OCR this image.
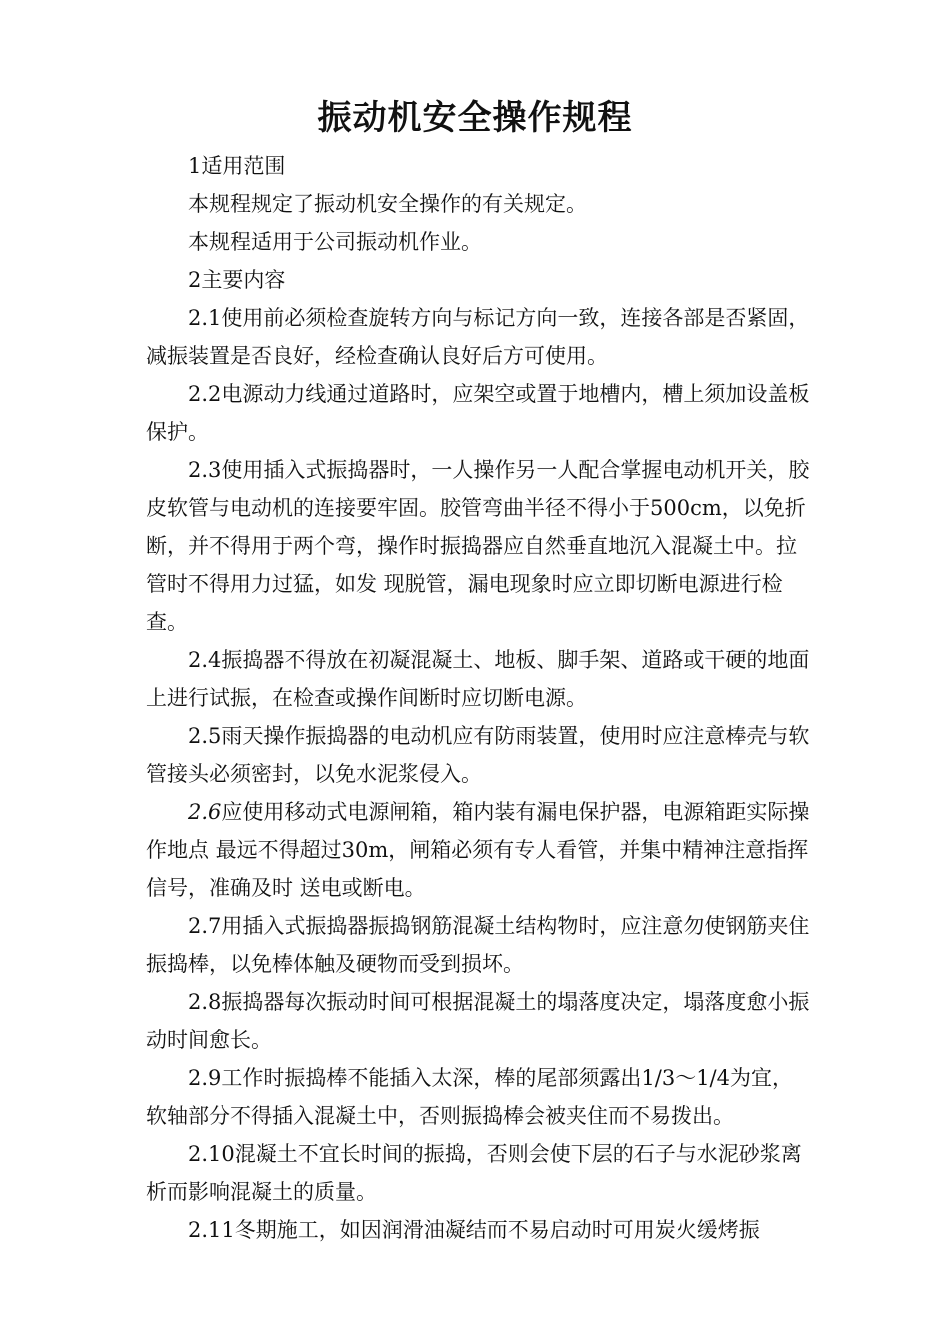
振动机安全操作规程

1适用范围

本规程规定了振动机安全操作的有关规定。

本规程适用于公司振动机作业。

2主要内容

2.1使用前必须检查旋转方向与标记方向一致，连接各部是否紧固，减振装置是否良好，经检查确认良好后方可使用。

2.2电源动力线通过道路时，应架空或置于地槽内，槽上须加设盖板保护。

2.3使用插入式振捣器时，一人操作另一人配合掌握电动机开关，胶皮软管与电动机的连接要牢固。胶管弯曲半径不得小于500cm，以免折断，并不得用于两个弯，操作时振捣器应自然垂直地沉入混凝土中。拉管时不得用力过猛，如发 现脱管，漏电现象时应立即切断电源进行检查。

2.4振捣器不得放在初凝混凝土、地板、脚手架、道路或干硬的地面上进行试振，在检查或操作间断时应切断电源。

2.5雨天操作振捣器的电动机应有防雨装置，使用时应注意棒壳与软管接头必须密封，以免水泥浆侵入。

2.6应使用移动式电源闸箱，箱内装有漏电保护器，电源箱距实际操作地点 最远不得超过30m，闸箱必须有专人看管，并集中精神注意指挥信号，准确及时 送电或断电。

2.7用插入式振捣器振捣钢筋混凝土结构物时，应注意勿使钢筋夹住振捣棒，以免棒体触及硬物而受到损坏。

2.8振捣器每次振动时间可根据混凝土的塌落度决定，塌落度愈小振动时间愈长。

2.9工作时振捣棒不能插入太深，棒的尾部须露出1/3〜1/4为宜，软轴部分不得插入混凝土中，否则振捣棒会被夹住而不易拨出。

2.10混凝土不宜长时间的振捣，否则会使下层的石子与水泥砂浆离析而影响混凝土的质量。

2.11冬期施工，如因润滑油凝结而不易启动时可用炭火缓烤振
